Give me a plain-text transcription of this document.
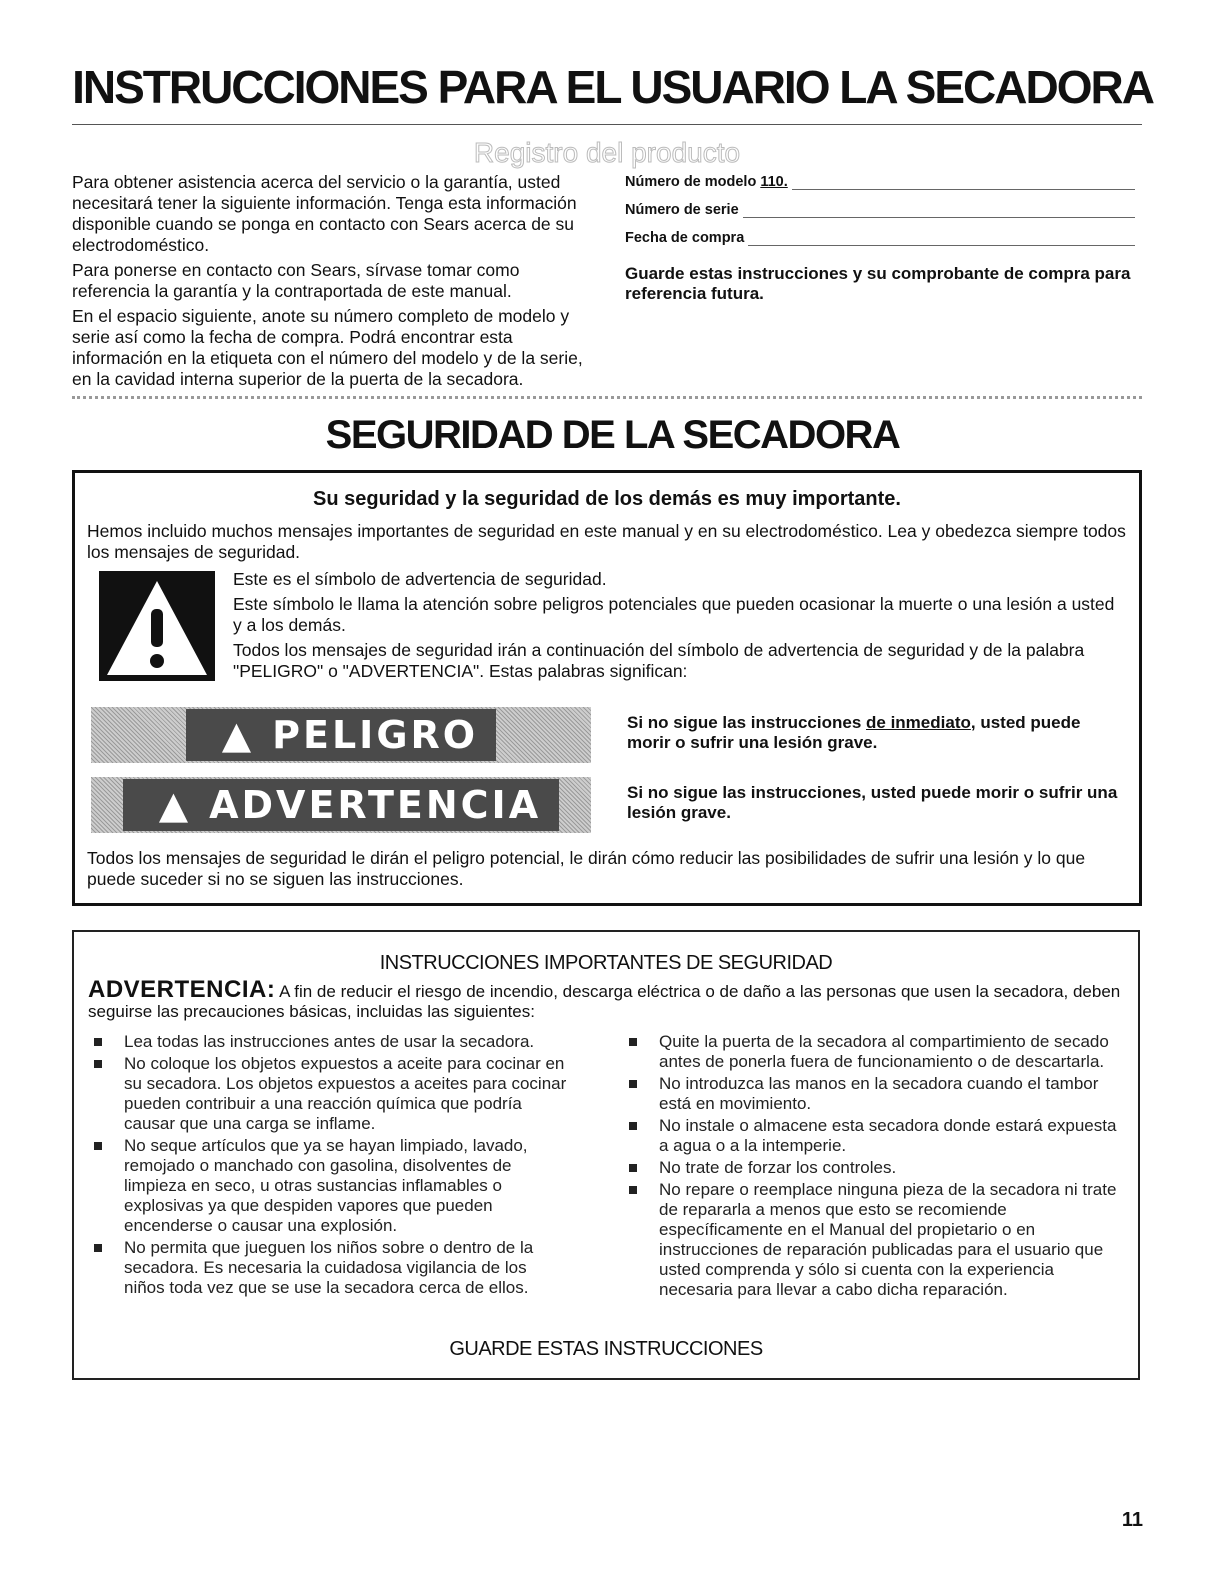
INSTRUCCIONES PARA EL USUARIO LA SECADORA
Registro del producto

Para obtener asistencia acerca del servicio o la garantía, usted necesitará tener la siguiente información. Tenga esta información disponible cuando se ponga en contacto con Sears acerca de su electrodoméstico.

Para ponerse en contacto con Sears, sírvase tomar como referencia la garantía y la contraportada de este manual.

En el espacio siguiente, anote su número completo de modelo y serie así como la fecha de compra. Podrá encontrar esta información en la etiqueta con el número del modelo y de la serie, en la cavidad interna superior de la puerta de la secadora.

Número de modelo 110.
Número de serie
Fecha de compra
Guarde estas instrucciones y su comprobante de compra para referencia futura.
SEGURIDAD DE LA SECADORA
Su seguridad y la seguridad de los demás es muy importante.

Hemos incluido muchos mensajes importantes de seguridad en este manual y en su electrodoméstico. Lea y obedezca siempre todos los mensajes de seguridad.

Este es el símbolo de advertencia de seguridad.

Este símbolo le llama la atención sobre peligros potenciales que pueden ocasionar la muerte o una lesión a usted y a los demás.

Todos los mensajes de seguridad irán a continuación del símbolo de advertencia de seguridad y de la palabra "PELIGRO" o "ADVERTENCIA". Estas palabras significan:

▲ PELIGRO	Si no sigue las instrucciones de inmediato, usted puede morir o sufrir una lesión grave.
▲ ADVERTENCIA	Si no sigue las instrucciones, usted puede morir o sufrir una lesión grave.

Todos los mensajes de seguridad le dirán el peligro potencial, le dirán cómo reducir las posibilidades de sufrir una lesión y lo que puede suceder si no se siguen las instrucciones.

INSTRUCCIONES IMPORTANTES DE SEGURIDAD
ADVERTENCIA: A fin de reducir el riesgo de incendio, descarga eléctrica o de daño a las personas que usen la secadora, deben seguirse las precauciones básicas, incluidas las siguientes:
Lea todas las instrucciones antes de usar la secadora.
No coloque los objetos expuestos a aceite para cocinar en su secadora. Los objetos expuestos a aceites para cocinar pueden contribuir a una reacción química que podría causar que una carga se inflame.
No seque artículos que ya se hayan limpiado, lavado, remojado o manchado con gasolina, disolventes de limpieza en seco, u otras sustancias inflamables o explosivas ya que despiden vapores que pueden encenderse o causar una explosión.
No permita que jueguen los niños sobre o dentro de la secadora. Es necesaria la cuidadosa vigilancia de los niños toda vez que se use la secadora cerca de ellos.
Quite la puerta de la secadora al compartimiento de secado antes de ponerla fuera de funcionamiento o de descartarla.
No introduzca las manos en la secadora cuando el tambor está en movimiento.
No instale o almacene esta secadora donde estará expuesta a agua o a la intemperie.
No trate de forzar los controles.
No repare o reemplace ninguna pieza de la secadora ni trate de repararla a menos que esto se recomiende específicamente en el Manual del propietario o en instrucciones de reparación publicadas para el usuario que usted comprenda y sólo si cuenta con la experiencia necesaria para llevar a cabo dicha reparación.
GUARDE ESTAS INSTRUCCIONES
11
